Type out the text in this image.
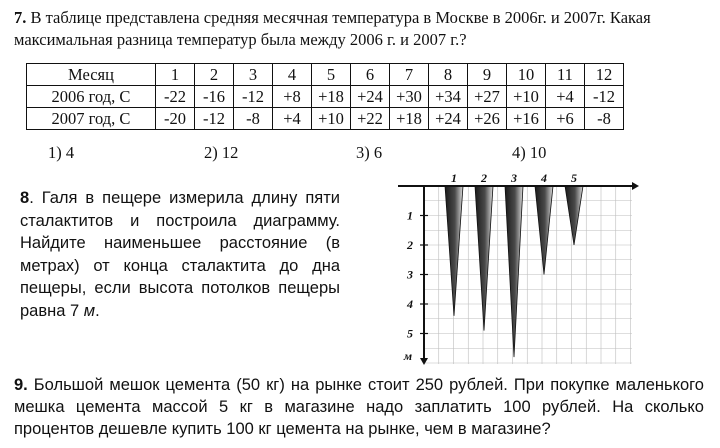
7. В таблице представлена средняя месячная температура в Москве в 2006г. и 2007г. Какая максимальная разница температур была между 2006 г. и 2007 г.?
Месяц	1	2	3	4	5	6	7	8	9	10	11	12
2006 год, С	-22	-16	-12	+8	+18	+24	+30	+34	+27	+10	+4	-12
2007 год, С	-20	-12	-8	+4	+10	+22	+18	+24	+26	+16	+6	-8
1) 4	2) 12	3) 6	4) 10
8. Галя в пещере измерила длину пяти сталактитов и построила диаграмму. Найдите наименьшее расстояние (в метрах) от конца сталактита до дна пещеры, если высота потолков пещеры равна 7 м.
1 2 3 4 5
1
2
3
4
5
м
9. Большой мешок цемента (50 кг) на рынке стоит 250 рублей. При покупке маленького мешка цемента массой 5 кг в магазине надо заплатить 100 рублей. На сколько процентов дешевле купить 100 кг цемента на рынке, чем в магазине?
